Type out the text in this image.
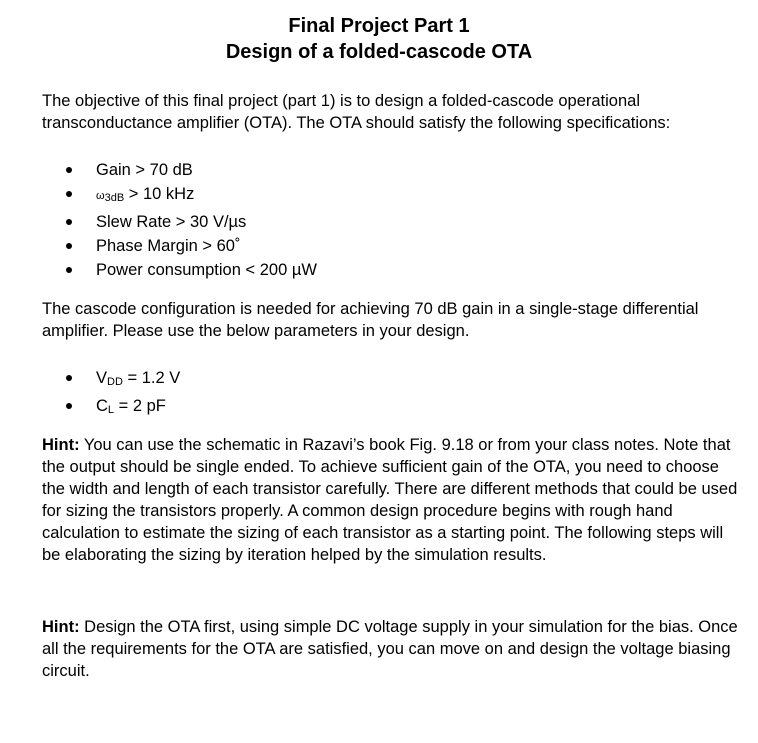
Final Project Part 1
Design of a folded-cascode OTA

The objective of this final project (part 1) is to design a folded-cascode operational transconductance amplifier (OTA). The OTA should satisfy the following specifications:

Gain > 70 dB
$\omega_{3dB} > 10$ kHz
Slew Rate > 30 V/µs
Phase Margin > 60˚
Power consumption < 200 µW

The cascode configuration is needed for achieving 70 dB gain in a single-stage differential amplifier. Please use the below parameters in your design.

$V_{DD} = 1.2$ V
$C_L = 2$ pF

Hint: You can use the schematic in Razavi’s book Fig. 9.18 or from your class notes. Note that the output should be single ended. To achieve sufficient gain of the OTA, you need to choose the width and length of each transistor carefully. There are different methods that could be used for sizing the transistors properly. A common design procedure begins with rough hand calculation to estimate the sizing of each transistor as a starting point. The following steps will be elaborating the sizing by iteration helped by the simulation results.

Hint: Design the OTA first, using simple DC voltage supply in your simulation for the bias. Once all the requirements for the OTA are satisfied, you can move on and design the voltage biasing circuit.
